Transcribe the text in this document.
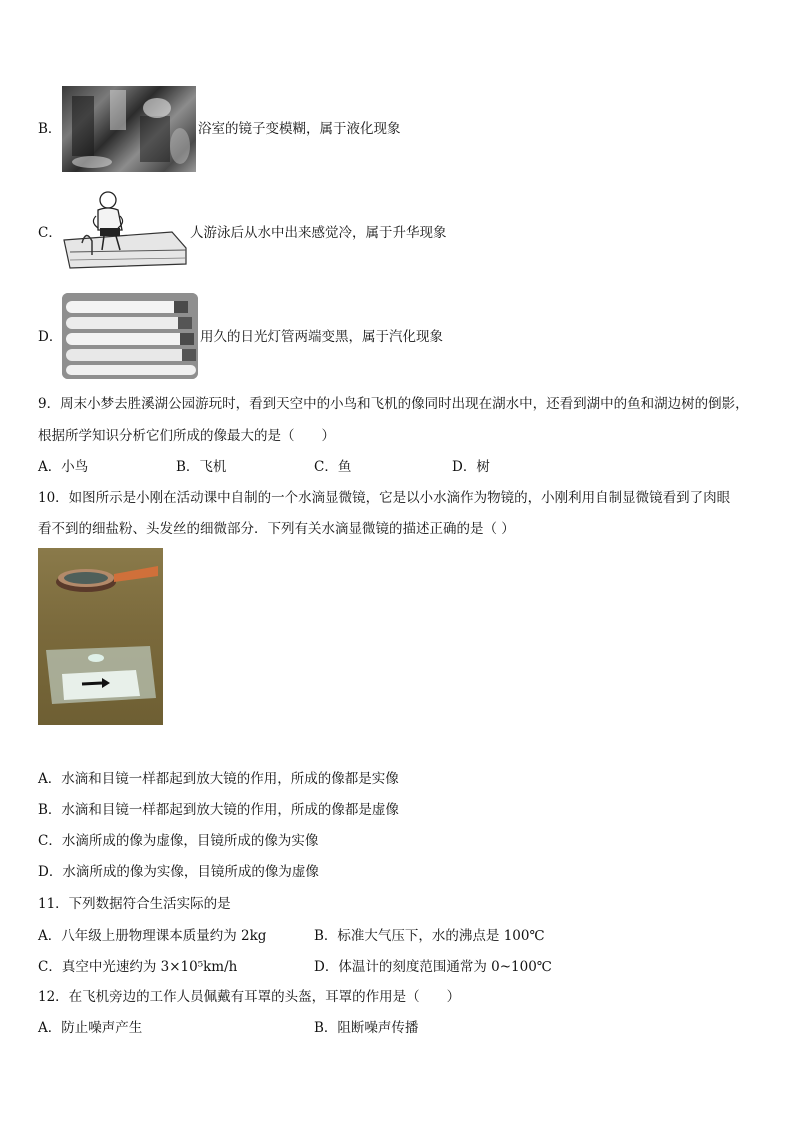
B．	浴室的镜子变模糊，属于液化现象
C．	人游泳后从水中出来感觉冷，属于升华现象
D．	用久的日光灯管两端变黑，属于汽化现象
9．周末小梦去胜溪湖公园游玩时，看到天空中的小鸟和飞机的像同时出现在湖水中，还看到湖中的鱼和湖边树的倒影，
根据所学知识分析它们所成的像最大的是（　　）
A．小鸟	B．飞机	C．鱼	D．树
10．如图所示是小刚在活动课中自制的一个水滴显微镜，它是以小水滴作为物镜的，小刚利用自制显微镜看到了肉眼
看不到的细盐粉、头发丝的细微部分．下列有关水滴显微镜的描述正确的是（ ）
A．水滴和目镜一样都起到放大镜的作用，所成的像都是实像
B．水滴和目镜一样都起到放大镜的作用，所成的像都是虚像
C．水滴所成的像为虚像，目镜所成的像为实像
D．水滴所成的像为实像，目镜所成的像为虚像
11．下列数据符合生活实际的是
A．八年级上册物理课本质量约为 2kg	B．标准大气压下，水的沸点是 100℃
C．真空中光速约为 3×10⁵km/h	D．体温计的刻度范围通常为 0~100℃
12．在飞机旁边的工作人员佩戴有耳罩的头盔，耳罩的作用是（　　）
A．防止噪声产生	B．阻断噪声传播
